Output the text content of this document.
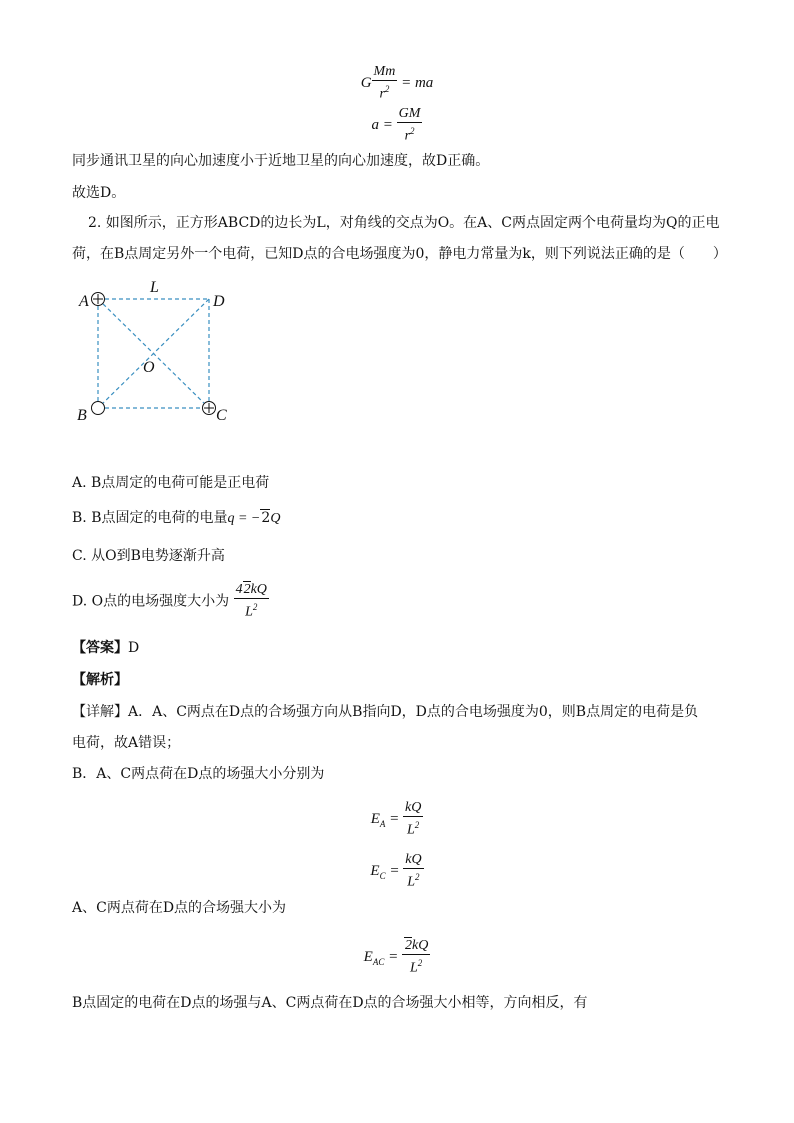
G $\frac{Mm}{r^2}$ = ma
$a = \frac{GM}{r^2}$
同步通讯卫星的向心加速度小于近地卫星的向心加速度，故D正确。
故选D。
2. 如图所示，正方形ABCD的边长为L，对角线的交点为O。在A、C两点固定两个电荷量均为Q的正电
荷，在B点周定另外一个电荷，已知D点的合电场强度为0，静电力常量为k，则下列说法正确的是（　　）
A	D
B	C
L
O
A. B点周定的电荷可能是正电荷
B. B点固定的电荷的电量q = −2Q
C. 从O到B电势逐渐升高
D. O点的电场强度大小为 $\frac{42kQ}{L^2}$
【答案】D
【解析】
【详解】A．A、C两点在D点的合场强方向从B指向D，D点的合电场强度为0，则B点周定的电荷是负
电荷，故A错误；
B．A、C两点荷在D点的场强大小分别为
$E_A = \frac{kQ}{L^2}$
$E_C = \frac{kQ}{L^2}$
A、C两点荷在D点的合场强大小为
$E_{AC} = \frac{2kQ}{L^2}$
B点固定的电荷在D点的场强与A、C两点荷在D点的合场强大小相等，方向相反，有
